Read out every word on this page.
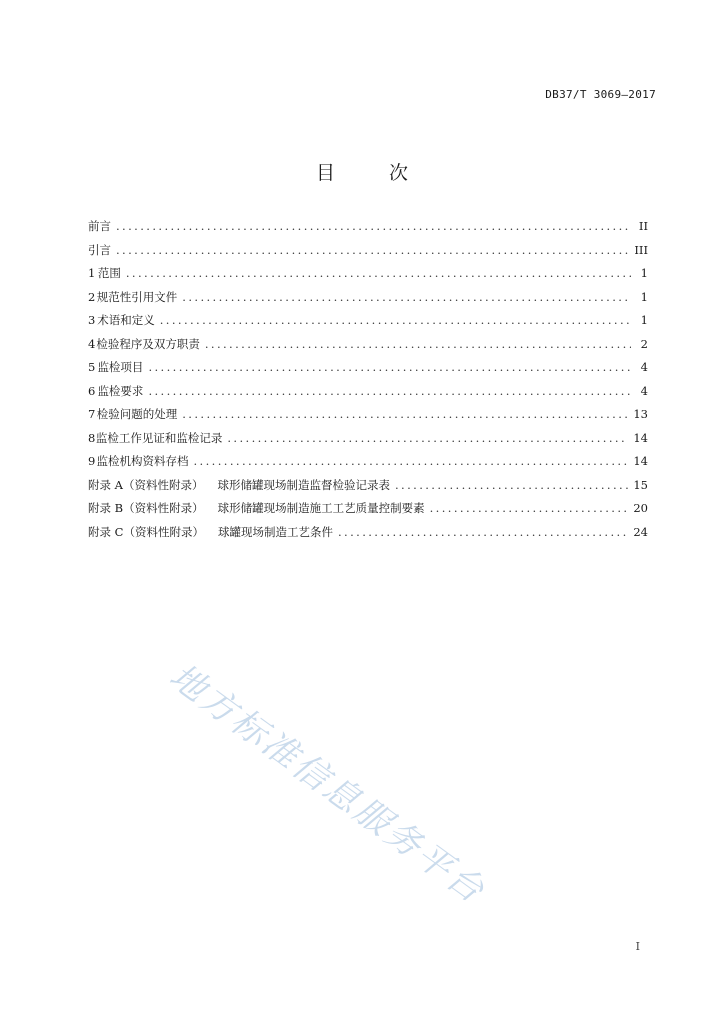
DB37/T 3069—2017
目 次
前言 .....	II
引言 .....	III
1 范围 .....	1
2 规范性引用文件 .....	1
3 术语和定义 .....	1
4 检验程序及双方职责 .....	2
5 监检项目 .....	4
6 监检要求 .....	4
7 检验问题的处理 .....	13
8 监检工作见证和监检记录 .....	14
9 监检机构资料存档 .....	14
附录 A（资料性附录） 球形储罐现场制造监督检验记录表 .....	15
附录 B（资料性附录） 球形储罐现场制造施工工艺质量控制要素 .....	20
附录 C（资料性附录） 球罐现场制造工艺条件 .....	24
地方标准信息服务平台
I
